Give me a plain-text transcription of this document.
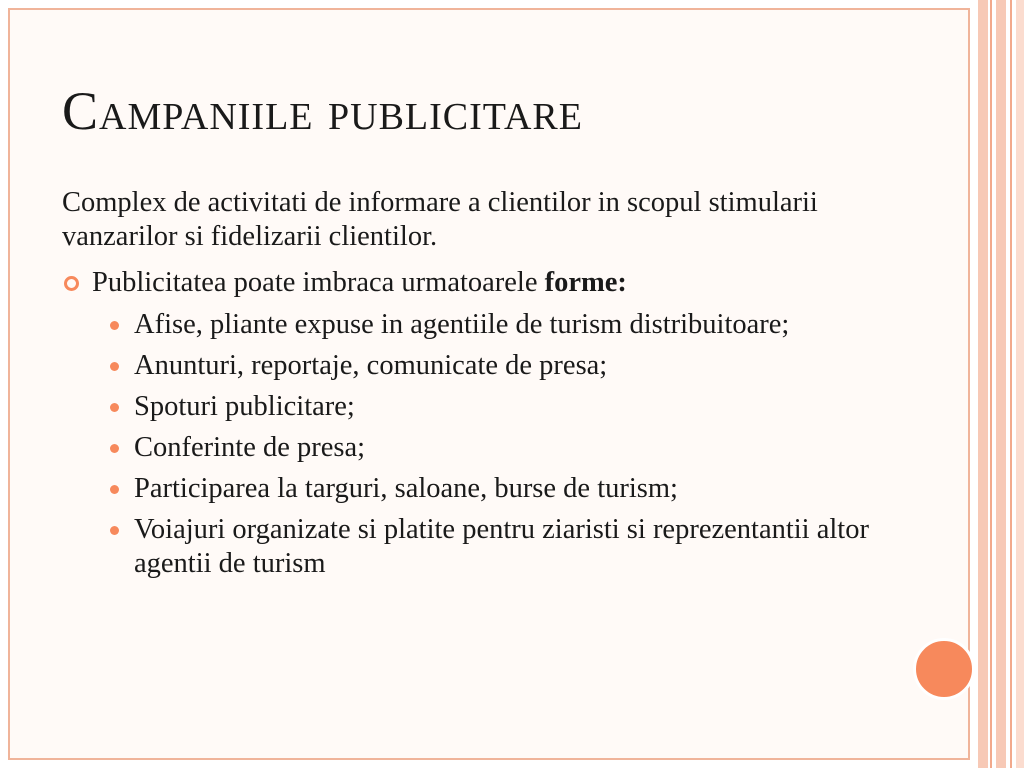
Campaniile publicitare

Complex de activitati de informare a clientilor in scopul stimularii vanzarilor si fidelizarii clientilor.

Publicitatea poate imbraca urmatoarele forme:

Afise, pliante expuse in agentiile de turism distribuitoare;
Anunturi, reportaje, comunicate de presa;
Spoturi publicitare;
Conferinte de presa;
Participarea la targuri, saloane, burse de turism;
Voiajuri organizate si platite pentru ziaristi si reprezentantii altor agentii de turism
